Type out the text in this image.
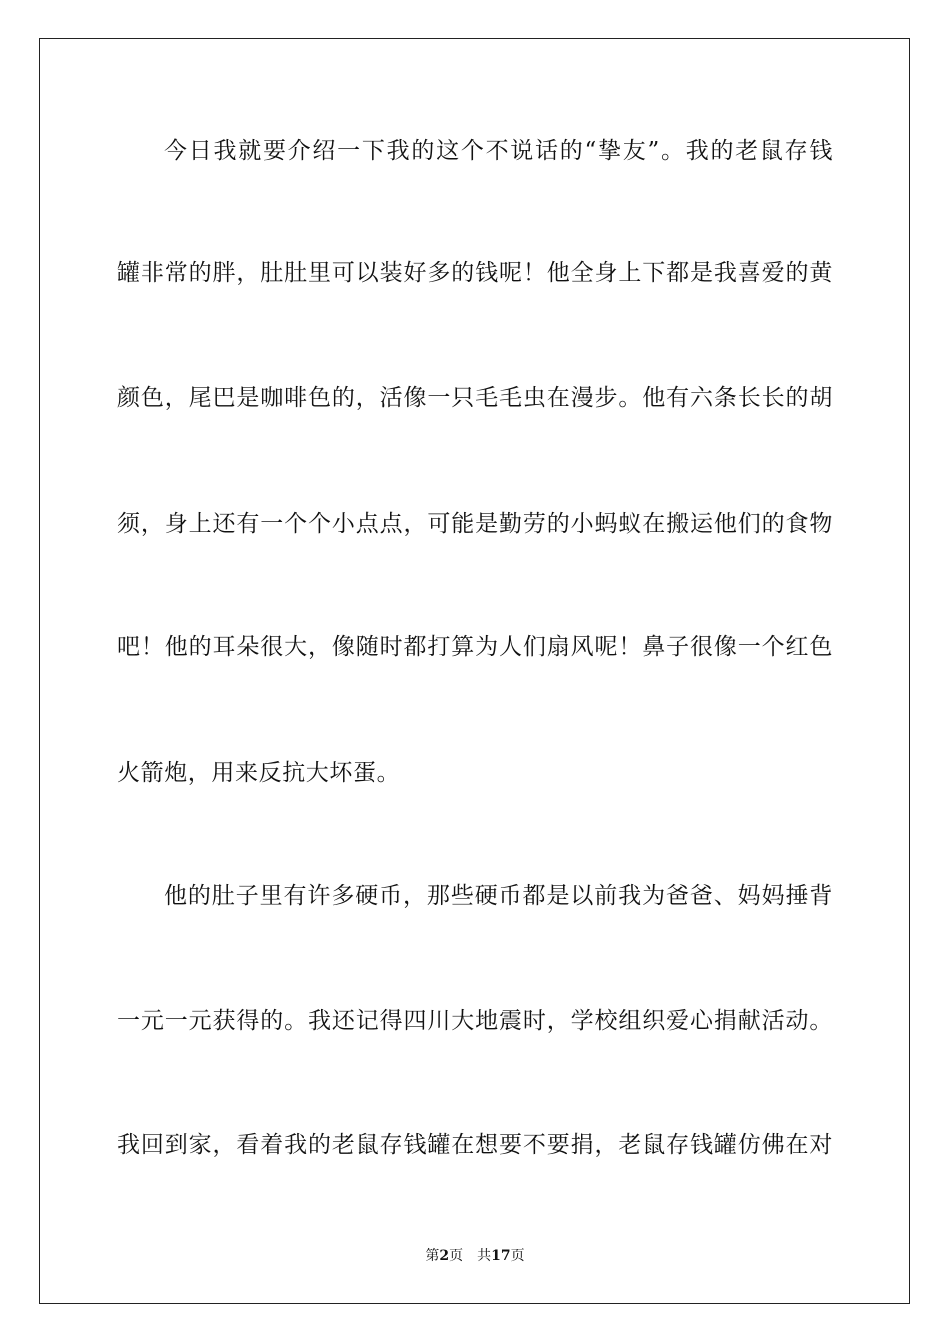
今日我就要介绍一下我的这个不说话的“挚友”。我的老鼠存钱
罐非常的胖，肚肚里可以装好多的钱呢！他全身上下都是我喜爱的黄
颜色，尾巴是咖啡色的，活像一只毛毛虫在漫步。他有六条长长的胡
须，身上还有一个个小点点，可能是勤劳的小蚂蚁在搬运他们的食物
吧！他的耳朵很大，像随时都打算为人们扇风呢！鼻子很像一个红色
火箭炮，用来反抗大坏蛋。
他的肚子里有许多硬币，那些硬币都是以前我为爸爸、妈妈捶背
一元一元获得的。我还记得四川大地震时，学校组织爱心捐献活动。
我回到家，看着我的老鼠存钱罐在想要不要捐，老鼠存钱罐仿佛在对
第2页 共17页
